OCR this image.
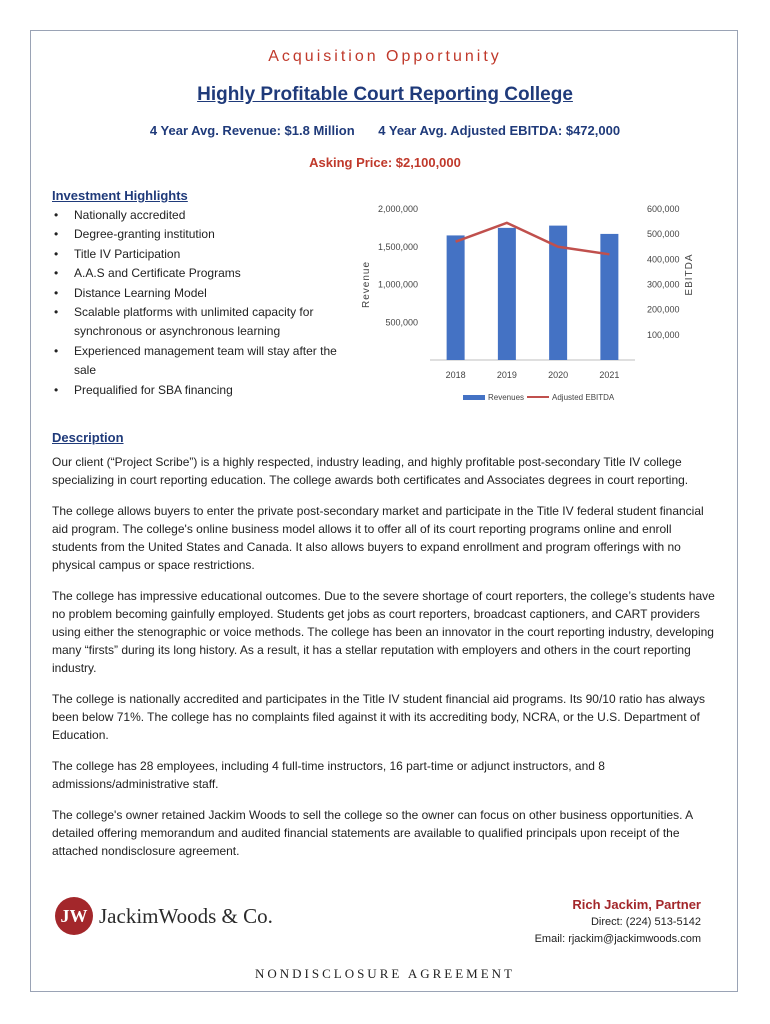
Acquisition Opportunity
Highly Profitable Court Reporting College
4 Year Avg. Revenue: $1.8 Million 4 Year Avg. Adjusted EBITDA: $472,000
Asking Price: $2,100,000
Investment Highlights
• Nationally accredited
• Degree-granting institution
• Title IV Participation
• A.A.S and Certificate Programs
• Distance Learning Model
• Scalable platforms with unlimited capacity for synchronous or asynchronous learning
• Experienced management team will stay after the sale
• Prequalified for SBA financing
2,000,000
1,500,000
1,000,000
500,000
600,000
500,000
400,000
300,000
200,000
100,000
Revenue	EBITDA
2018	2019	2020	2021
Revenues	Adjusted EBITDA
Description

Our client (“Project Scribe”) is a highly respected, industry leading, and highly profitable post-secondary Title IV college specializing in court reporting education. The college awards both certificates and Associates degrees in court reporting.

The college allows buyers to enter the private post-secondary market and participate in the Title IV federal student financial aid program. The college's online business model allows it to offer all of its court reporting programs online and enroll students from the United States and Canada. It also allows buyers to expand enrollment and program offerings with no physical campus or space restrictions.

The college has impressive educational outcomes. Due to the severe shortage of court reporters, the college’s students have no problem becoming gainfully employed. Students get jobs as court reporters, broadcast captioners, and CART providers using either the stenographic or voice methods. The college has been an innovator in the court reporting industry, developing many “firsts” during its long history. As a result, it has a stellar reputation with employers and others in the court reporting industry.

The college is nationally accredited and participates in the Title IV student financial aid programs. Its 90/10 ratio has always been below 71%. The college has no complaints filed against it with its accrediting body, NCRA, or the U.S. Department of Education.

The college has 28 employees, including 4 full-time instructors, 16 part-time or adjunct instructors, and 8 admissions/administrative staff.

The college's owner retained Jackim Woods to sell the college so the owner can focus on other business opportunities. A detailed offering memorandum and audited financial statements are available to qualified principals upon receipt of the attached nondisclosure agreement.

JW JackimWoods & Co.	Rich Jackim, Partner
Direct: (224) 513-5142
Email: rjackim@jackimwoods.com
NONDISCLOSURE AGREEMENT
